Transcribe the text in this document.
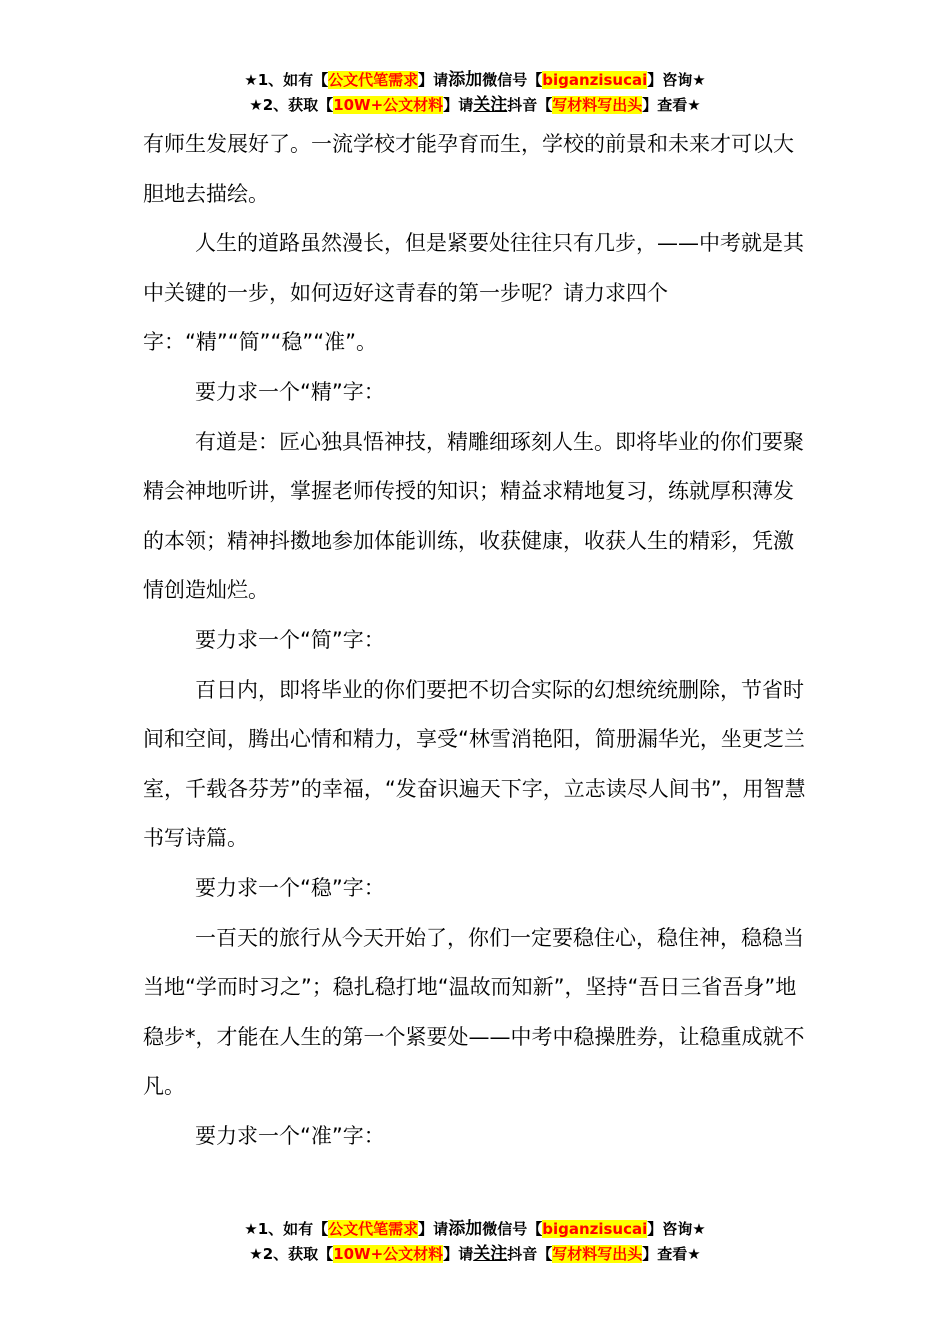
★1、如有【公文代笔需求】请添加微信号【biganzisucai】咨询★
★2、获取【10W+公文材料】请关注抖音【写材料写出头】查看★

有师生发展好了。一流学校才能孕育而生，学校的前景和未来才可以大胆地去描绘。

人生的道路虽然漫长，但是紧要处往往只有几步，——中考就是其中关键的一步，如何迈好这青春的第一步呢？请力求四个字：“精”“简”“稳”“准”。

要力求一个“精”字：

有道是：匠心独具悟神技，精雕细琢刻人生。即将毕业的你们要聚精会神地听讲，掌握老师传授的知识；精益求精地复习，练就厚积薄发的本领；精神抖擞地参加体能训练，收获健康，收获人生的精彩，凭激情创造灿烂。

要力求一个“简”字：

百日内，即将毕业的你们要把不切合实际的幻想统统删除，节省时间和空间，腾出心情和精力，享受“林雪消艳阳，简册漏华光，坐更芝兰室，千载各芬芳”的幸福，“发奋识遍天下字，立志读尽人间书”，用智慧书写诗篇。

要力求一个“稳”字：

一百天的旅行从今天开始了，你们一定要稳住心，稳住神，稳稳当当地“学而时习之”；稳扎稳打地“温故而知新”，坚持“吾日三省吾身”地稳步*，才能在人生的第一个紧要处——中考中稳操胜券，让稳重成就不凡。

要力求一个“准”字：

★1、如有【公文代笔需求】请添加微信号【biganzisucai】咨询★
★2、获取【10W+公文材料】请关注抖音【写材料写出头】查看★
